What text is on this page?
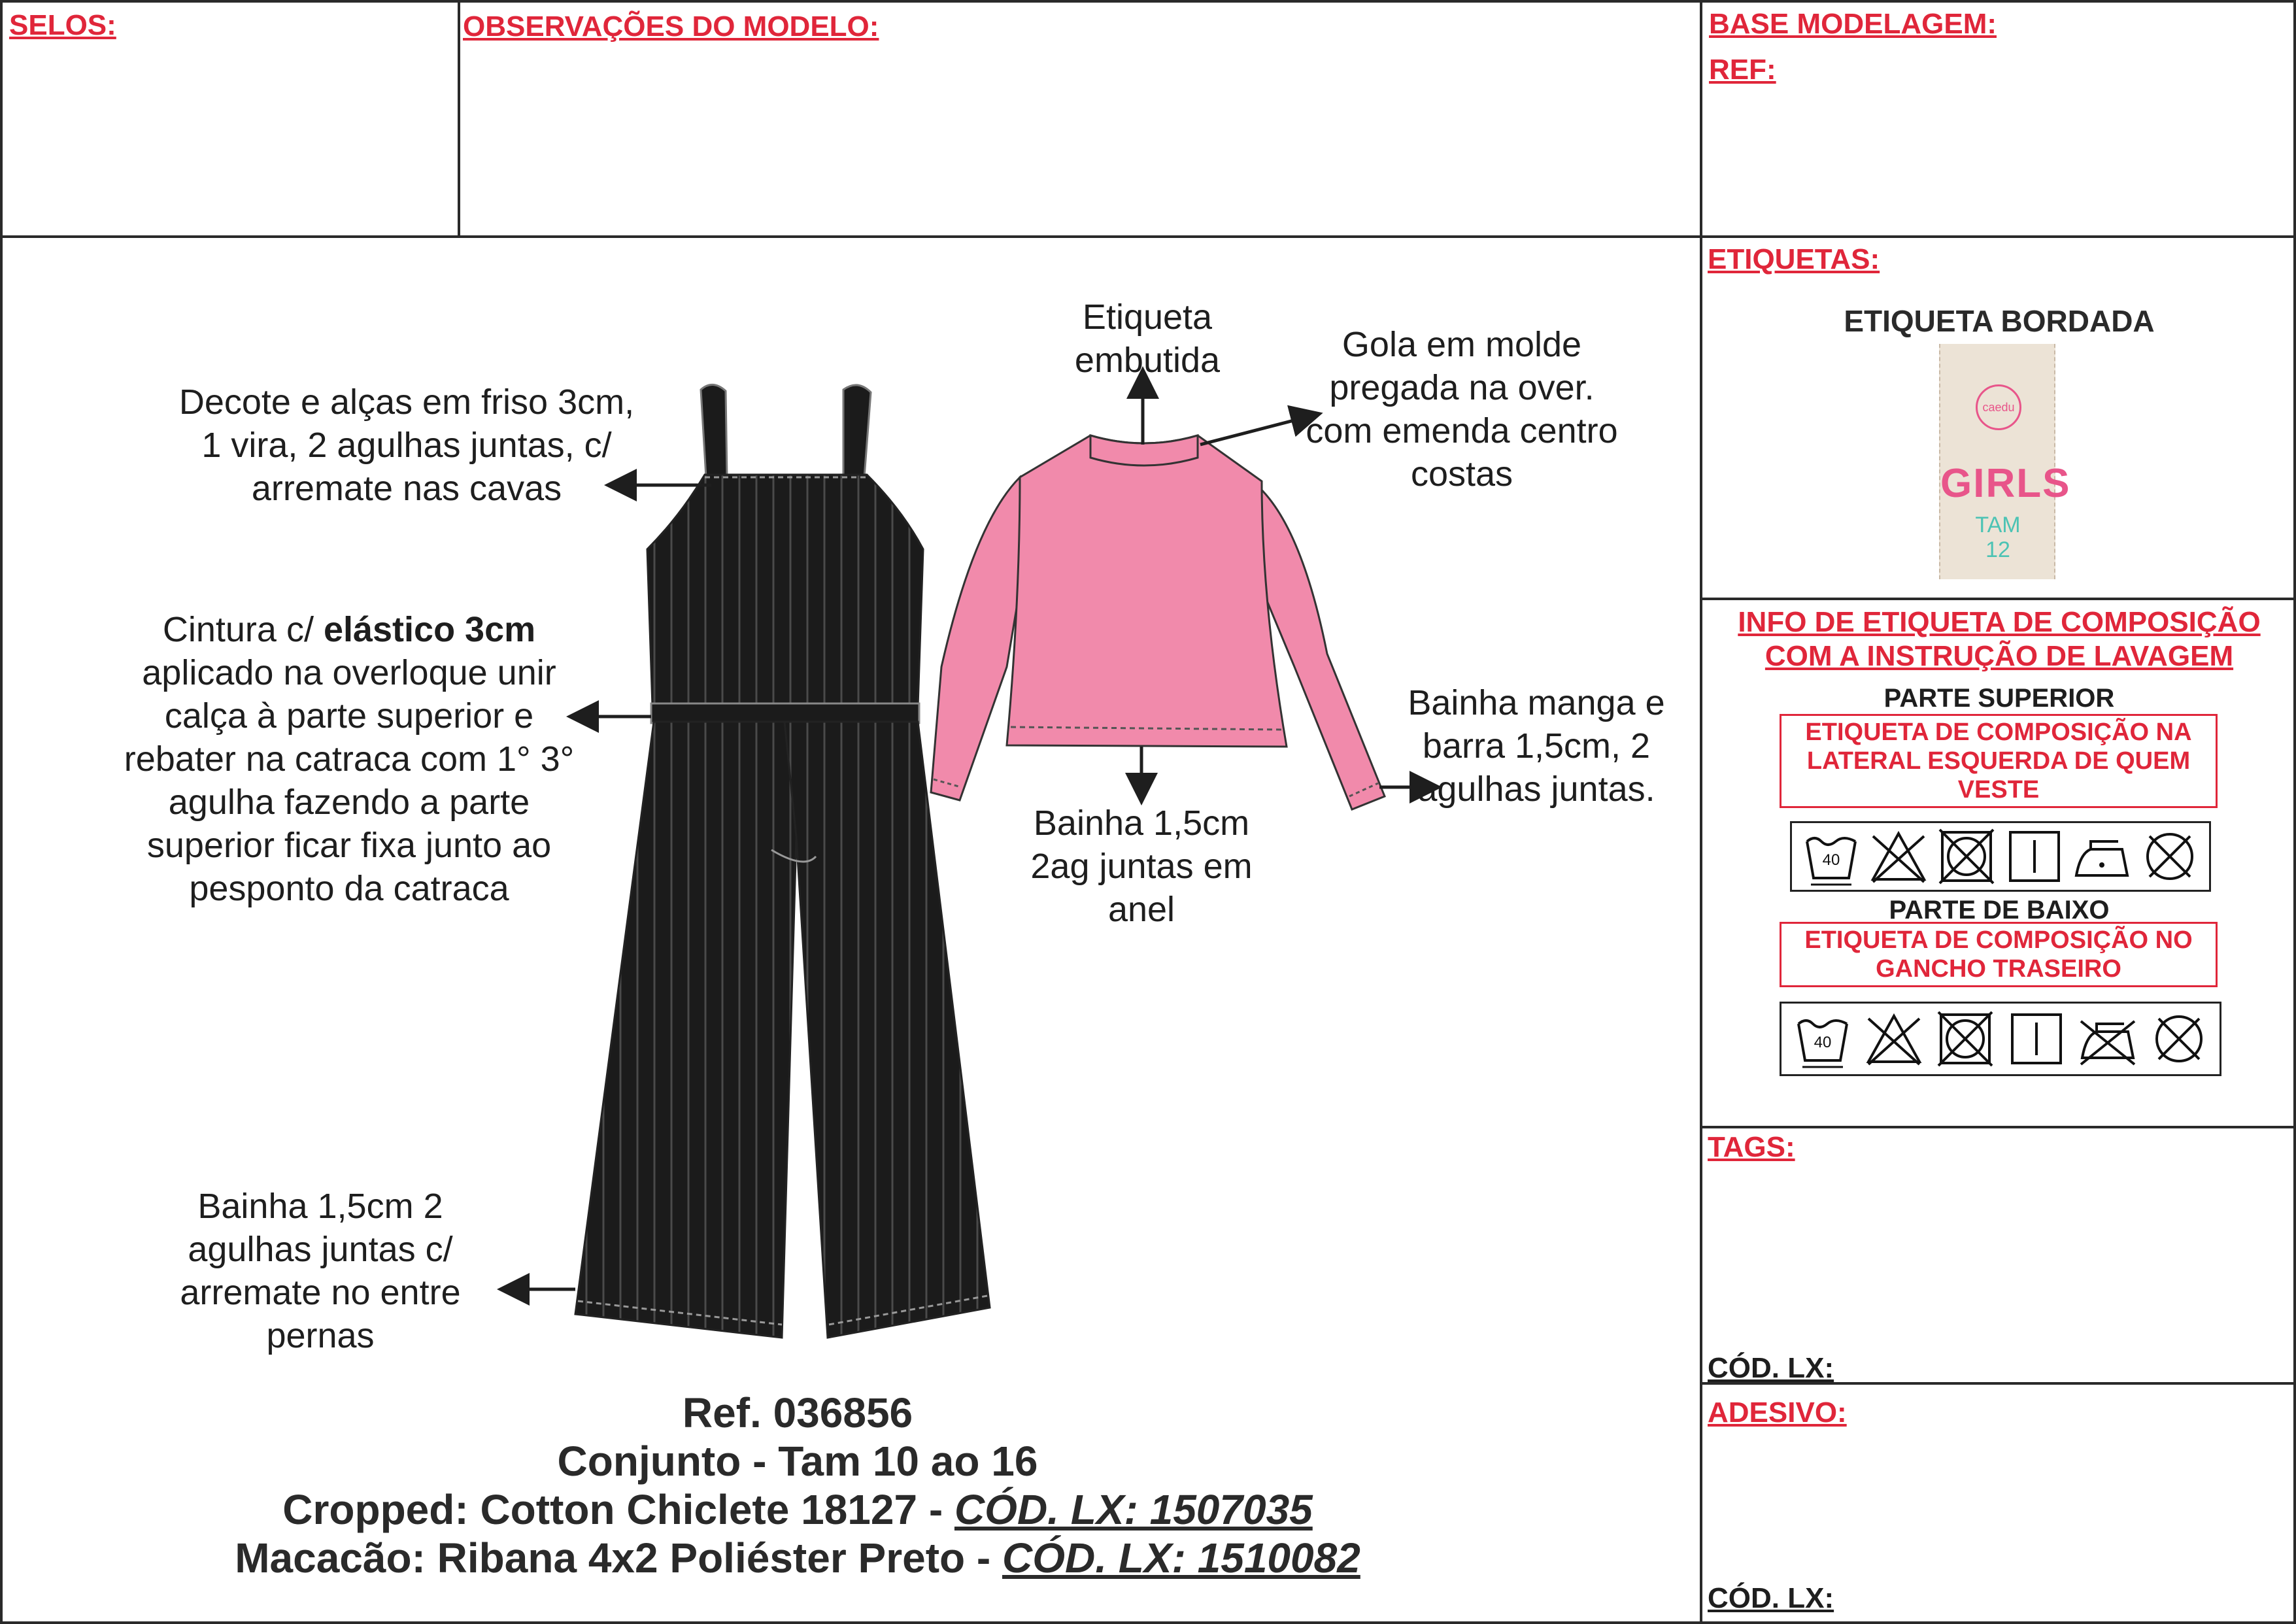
SELOS:	OBSERVAÇÕES DO MODELO:	BASE MODELAGEM:
REF:
ETIQUETAS:
ETIQUETA BORDADA
caedu
GIRLS
TAM
12
INFO DE ETIQUETA DE COMPOSIÇÃO
COM A INSTRUÇÃO DE LAVAGEM
PARTE SUPERIOR
ETIQUETA DE COMPOSIÇÃO NA LATERAL ESQUERDA DE QUEM VESTE
40
PARTE DE BAIXO
ETIQUETA DE COMPOSIÇÃO NO GANCHO TRASEIRO
40
TAGS:
CÓD. LX:
ADESIVO:
CÓD. LX:
Decote e alças em friso 3cm, 1 vira, 2 agulhas juntas, c/ arremate nas cavas
Cintura c/ elástico 3cm aplicado na overloque unir calça à parte superior e rebater na catraca com 1° 3° agulha fazendo a parte superior ficar fixa junto ao pesponto da catraca
Bainha 1,5cm 2 agulhas juntas c/ arremate no entre pernas
Etiqueta embutida	Gola em molde pregada na over. com emenda centro costas
Bainha manga e barra 1,5cm, 2 agulhas juntas.
Bainha 1,5cm 2ag juntas em anel
Ref. 036856
Conjunto - Tam 10 ao 16
Cropped: Cotton Chiclete 18127 - CÓD. LX: 1507035
Macacão: Ribana 4x2 Poliéster Preto - CÓD. LX: 1510082
